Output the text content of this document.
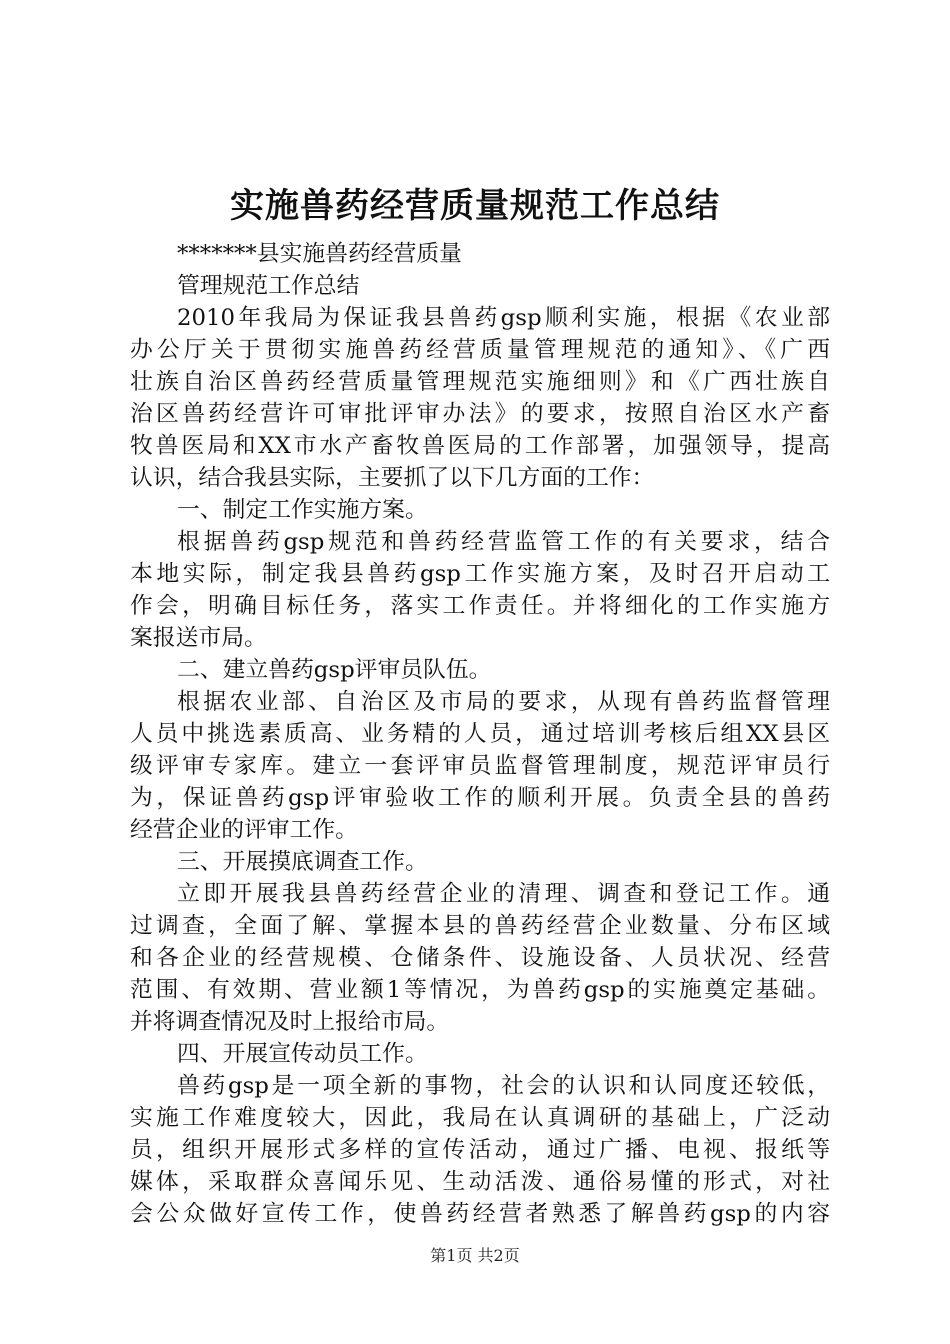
实施兽药经营质量规范工作总结
*******县实施兽药经营质量
管理规范工作总结
2010年我局为保证我县兽药gsp顺利实施，根据《农业部
办公厅关于贯彻实施兽药经营质量管理规范的通知》、《广西
壮族自治区兽药经营质量管理规范实施细则》和《广西壮族自
治区兽药经营许可审批评审办法》的要求，按照自治区水产畜
牧兽医局和XX市水产畜牧兽医局的工作部署，加强领导，提高
认识，结合我县实际，主要抓了以下几方面的工作：
一、制定工作实施方案。
根据兽药gsp规范和兽药经营监管工作的有关要求，结合
本地实际，制定我县兽药gsp工作实施方案，及时召开启动工
作会，明确目标任务，落实工作责任。并将细化的工作实施方
案报送市局。
二、建立兽药gsp评审员队伍。
根据农业部、自治区及市局的要求，从现有兽药监督管理
人员中挑选素质高、业务精的人员，通过培训考核后组XX县区
级评审专家库。建立一套评审员监督管理制度，规范评审员行
为，保证兽药gsp评审验收工作的顺利开展。负责全县的兽药
经营企业的评审工作。
三、开展摸底调查工作。
立即开展我县兽药经营企业的清理、调查和登记工作。通
过调查，全面了解、掌握本县的兽药经营企业数量、分布区域
和各企业的经营规模、仓储条件、设施设备、人员状况、经营
范围、有效期、营业额1等情况，为兽药gsp的实施奠定基础。
并将调查情况及时上报给市局。
四、开展宣传动员工作。
兽药gsp是一项全新的事物，社会的认识和认同度还较低，
实施工作难度较大，因此，我局在认真调研的基础上，广泛动
员，组织开展形式多样的宣传活动，通过广播、电视、报纸等
媒体，采取群众喜闻乐见、生动活泼、通俗易懂的形式，对社
会公众做好宣传工作，使兽药经营者熟悉了解兽药gsp的内容
第1页 共2页
